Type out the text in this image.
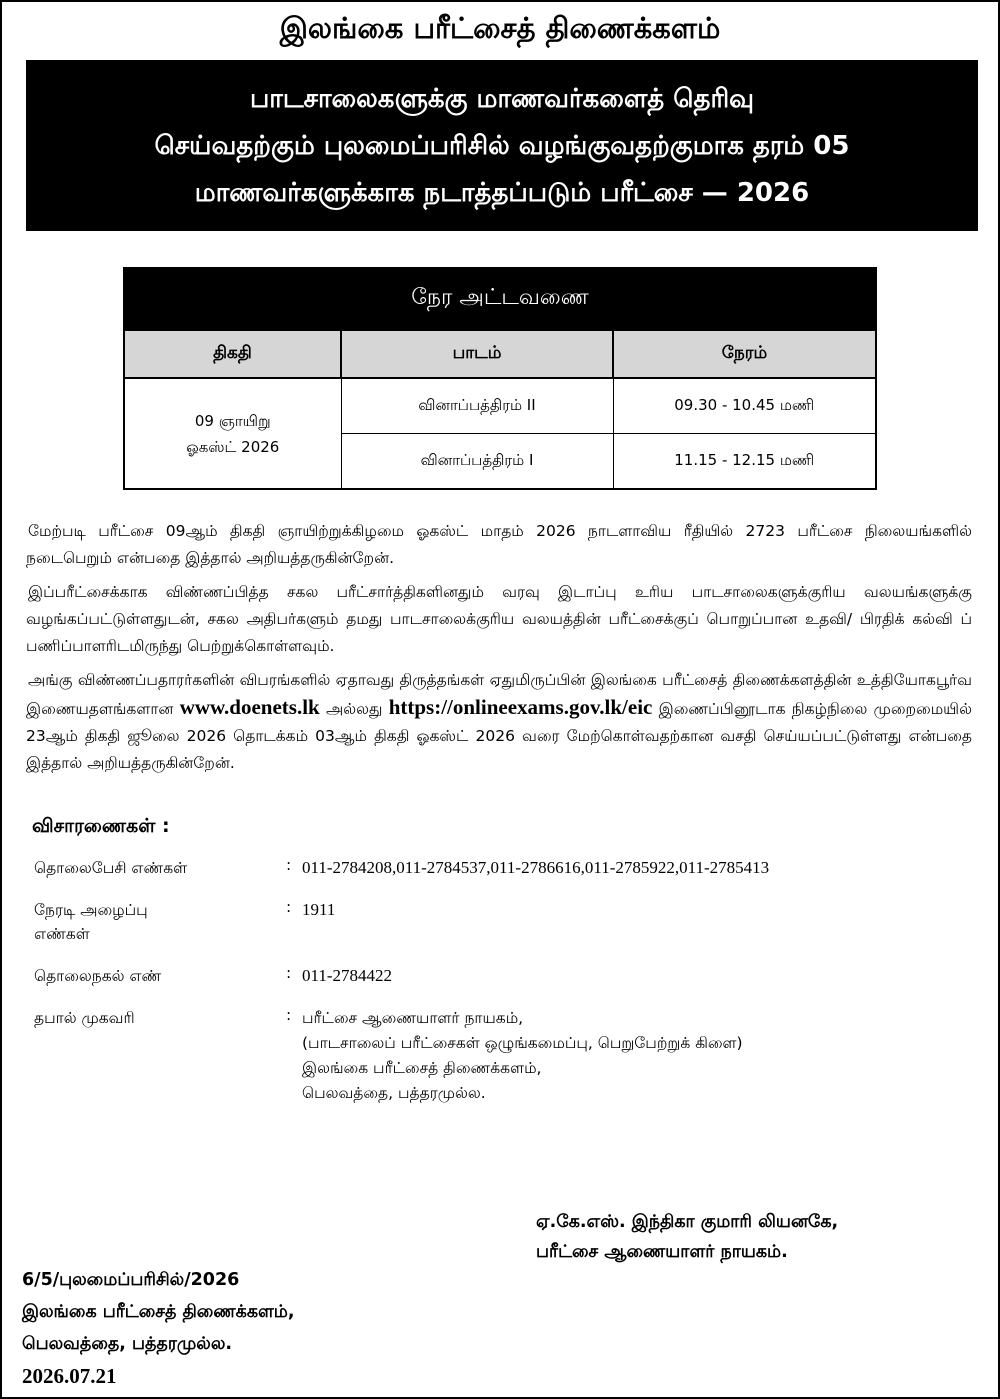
இலங்கை பரீட்சைத் திணைக்களம்
பாடசாலைகளுக்கு மாணவர்களைத் தெரிவு
செய்வதற்கும் புலமைப்பரிசில் வழங்குவதற்குமாக தரம் 05
மாணவர்களுக்காக நடாத்தப்படும் பரீட்சை — 2026
நேர அட்டவணை		
திகதி	பாடம்	நேரம்

09 ஞாயிறு
ஓகஸ்ட் 2026	வினாப்பத்திரம் II	09.30 - 10.45 மணி
	வினாப்பத்திரம் I	11.15 - 12.15 மணி

மேற்படி பரீட்சை 09ஆம் திகதி ஞாயிற்றுக்கிழமை ஓகஸ்ட் மாதம் 2026 நாடளாவிய ரீதியில் 2723 பரீட்சை நிலையங்களில் நடைபெறும் என்பதை இத்தால் அறியத்தருகின்றேன்.

இப்பரீட்சைக்காக விண்ணப்பித்த சகல பரீட்சார்த்திகளினதும் வரவு இடாப்பு உரிய பாடசாலைகளுக்குரிய வலயங்களுக்கு வழங்கப்பட்டுள்ளதுடன், சகல அதிபர்களும் தமது பாடசாலைக்குரிய வலயத்தின் பரீட்சைக்குப் பொறுப்பான உதவி/ பிரதிக் கல்வி ப் பணிப்பாளரிடமிருந்து பெற்றுக்கொள்ளவும்.

அங்கு விண்ணப்பதாரர்களின் விபரங்களில் ஏதாவது திருத்தங்கள் ஏதுமிருப்பின் இலங்கை பரீட்சைத் திணைக்களத்தின் உத்தியோகபூர்வ இணையதளங்களான www.doenets.lk அல்லது https://onlineexams.gov.lk/eic இணைப்பினூடாக நிகழ்நிலை முறைமையில் 23ஆம் திகதி ஜூலை 2026 தொடக்கம் 03ஆம் திகதி ஓகஸ்ட் 2026 வரை மேற்கொள்வதற்கான வசதி செய்யப்பட்டுள்ளது என்பதை இத்தால் அறியத்தருகின்றேன்.

விசாரணைகள் :
தொலைபேசி எண்கள்	: 011-2784208,011-2784537,011-2786616,011-2785922,011-2785413
நேரடி அழைப்பு எண்கள்
: 1911
தொலைநகல் எண்	: 011-2784422
தபால் முகவரி	: பரீட்சை ஆணையாளர் நாயகம்,
(பாடசாலைப் பரீட்சைகள் ஒழுங்கமைப்பு, பெறுபேற்றுக் கிளை)
இலங்கை பரீட்சைத் திணைக்களம்,
பெலவத்தை, பத்தரமுல்ல.
ஏ.கே.எஸ். இந்திகா குமாரி லியனகே,
பரீட்சை ஆணையாளர் நாயகம்.
6/5/புலமைப்பரிசில்/2026
இலங்கை பரீட்சைத் திணைக்களம்,
பெலவத்தை, பத்தரமுல்ல.
2026.07.21
